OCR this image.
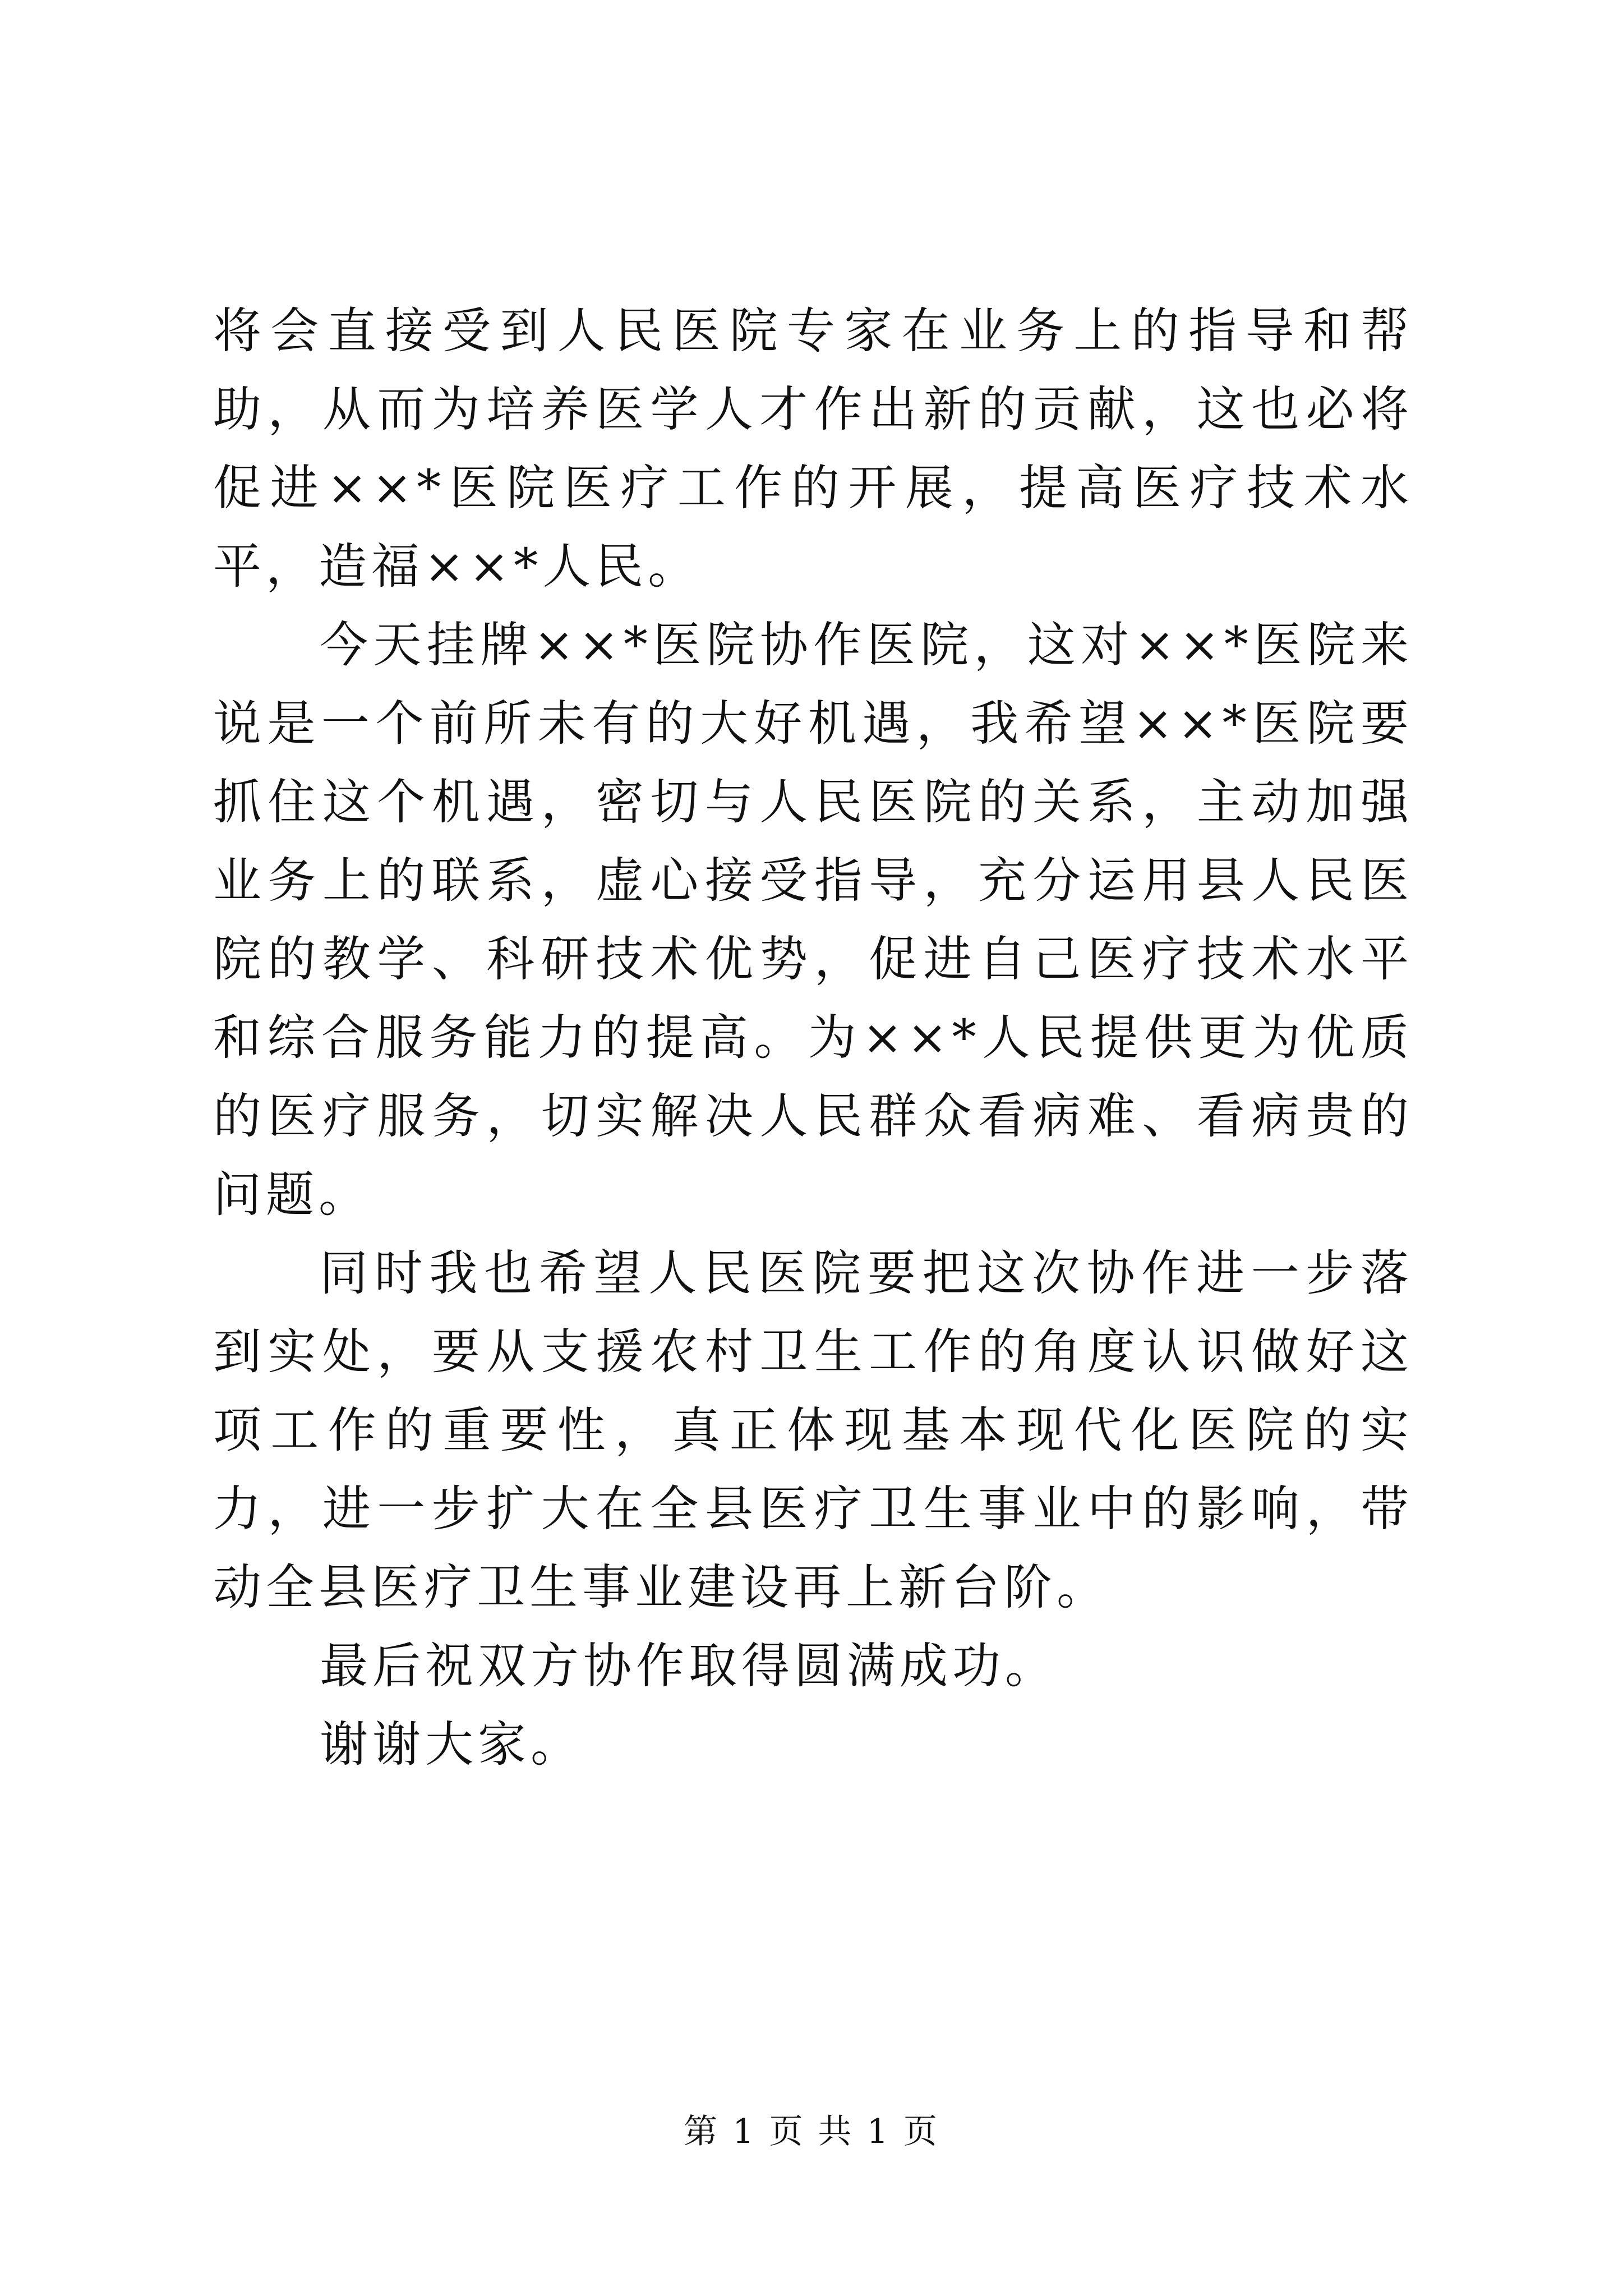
将会直接受到人民医院专家在业务上的指导和帮助，从而为培养医学人才作出新的贡献，这也必将促进××*医院医疗工作的开展，提高医疗技术水平，造福××*人民。

今天挂牌××*医院协作医院，这对××*医院来说是一个前所未有的大好机遇，我希望××*医院要抓住这个机遇，密切与人民医院的关系，主动加强业务上的联系，虚心接受指导，充分运用县人民医院的教学、科研技术优势，促进自己医疗技术水平和综合服务能力的提高。为××*人民提供更为优质的医疗服务，切实解决人民群众看病难、看病贵的问题。

同时我也希望人民医院要把这次协作进一步落到实处，要从支援农村卫生工作的角度认识做好这项工作的重要性，真正体现基本现代化医院的实力，进一步扩大在全县医疗卫生事业中的影响，带动全县医疗卫生事业建设再上新台阶。

最后祝双方协作取得圆满成功。

谢谢大家。

第 1 页 共 1 页
